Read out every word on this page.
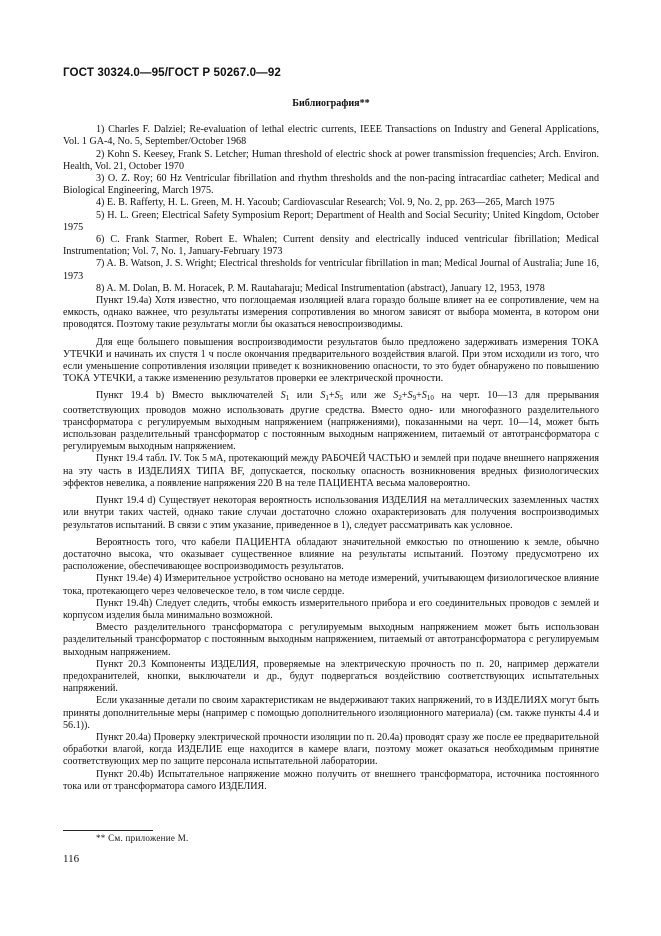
ГОСТ 30324.0—95/ГОСТ Р 50267.0—92
Библиография**

1) Charles F. Dalziel; Re-evaluation of lethal electric currents, IEEE Transactions on Industry and General Applications, Vol. 1 GA-4, No. 5, September/October 1968

2) Kohn S. Keesey, Frank S. Letcher; Human threshold of electric shock at power transmission frequencies; Arch. Environ. Health, Vol. 21, October 1970

3) O. Z. Roy; 60 Hz Ventricular fibrillation and rhythm thresholds and the non-pacing intracardiac catheter; Medical and Biological Engineering, March 1975.

4) E. B. Rafferty, H. L. Green, M. H. Yacoub; Cardiovascular Research; Vol. 9, No. 2, pp. 263—265, March 1975

5) H. L. Green; Electrical Safety Symposium Report; Department of Health and Social Security; United Kingdom, October 1975

6) C. Frank Starmer, Robert E. Whalen; Current density and electrically induced ventricular fibrillation; Medical Instrumentation; Vol. 7, No. 1, January-February 1973

7) A. B. Watson, J. S. Wright; Electrical thresholds for ventricular fibrillation in man; Medical Journal of Australia; June 16, 1973

8) A. M. Dolan, B. M. Horacek, P. M. Rautaharaju; Medical Instrumentation (abstract), January 12, 1953, 1978

Пункт 19.4а) Хотя известно, что поглощаемая изоляцией влага гораздо больше влияет на ее сопротивление, чем на емкость, однако важнее, что результаты измерения сопротивления во многом зависят от выбора момента, в котором они проводятся. Поэтому такие результаты могли бы оказаться невоспроизводимы.

Для еще большего повышения воспроизводимости результатов было предложено задерживать измерения ТОКА УТЕЧКИ и начинать их спустя 1 ч после окончания предварительного воздействия влагой. При этом исходили из того, что если уменьшение сопротивления изоляции приведет к возникновению опасности, то это будет обнаружено по повышению ТОКА УТЕЧКИ, а также изменению результатов проверки ее электрической прочности.

Пункт 19.4 b) Вместо выключателей $S_1$ или $S_1+S_5$ или же $S_2+S_9+S_{10}$ на черт. 10—13 для прерывания соответствующих проводов можно использовать другие средства. Вместо одно- или многофазного разделительного трансформатора с регулируемым выходным напряжением (напряжениями), показанными на черт. 10—14, может быть использован разделительный трансформатор с постоянным выходным напряжением, питаемый от автотрансформатора с регулируемым выходным напряжением.

Пункт 19.4 табл. IV. Ток 5 мА, протекающий между РАБОЧЕЙ ЧАСТЬЮ и землей при подаче внешнего напряжения на эту часть в ИЗДЕЛИЯХ ТИПА BF, допускается, поскольку опасность возникновения вредных физиологических эффектов невелика, а появление напряжения 220 В на теле ПАЦИЕНТА весьма маловероятно.

Пункт 19.4 d) Существует некоторая вероятность использования ИЗДЕЛИЯ на металлических заземленных частях или внутри таких частей, однако такие случаи достаточно сложно охарактеризовать для получения воспроизводимых результатов испытаний. В связи с этим указание, приведенное в 1), следует рассматривать как условное.

Вероятность того, что кабели ПАЦИЕНТА обладают значительной емкостью по отношению к земле, обычно достаточно высока, что оказывает существенное влияние на результаты испытаний. Поэтому предусмотрено их расположение, обеспечивающее воспроизводимость результатов.

Пункт 19.4е) 4) Измерительное устройство основано на методе измерений, учитывающем физиологическое влияние тока, протекающего через человеческое тело, в том числе сердце.

Пункт 19.4h) Следует следить, чтобы емкость измерительного прибора и его соединительных проводов с землей и корпусом изделия была минимально возможной.

Вместо разделительного трансформатора с регулируемым выходным напряжением может быть использован разделительный трансформатор с постоянным выходным напряжением, питаемый от автотрансформатора с регулируемым выходным напряжением.

Пункт 20.3 Компоненты ИЗДЕЛИЯ, проверяемые на электрическую прочность по п. 20, например держатели предохранителей, кнопки, выключатели и др., будут подвергаться воздействию соответствующих испытательных напряжений.

Если указанные детали по своим характеристикам не выдерживают таких напряжений, то в ИЗДЕЛИЯХ могут быть приняты дополнительные меры (например с помощью дополнительного изоляционного материала) (см. также пункты 4.4 и 56.1)).

Пункт 20.4а) Проверку электрической прочности изоляции по п. 20.4а) проводят сразу же после ее предварительной обработки влагой, когда ИЗДЕЛИЕ еще находится в камере влаги, поэтому может оказаться необходимым принятие соответствующих мер по защите персонала испытательной лаборатории.

Пункт 20.4b) Испытательное напряжение можно получить от внешнего трансформатора, источника постоянного тока или от трансформатора самого ИЗДЕЛИЯ.

** См. приложение М.
116
